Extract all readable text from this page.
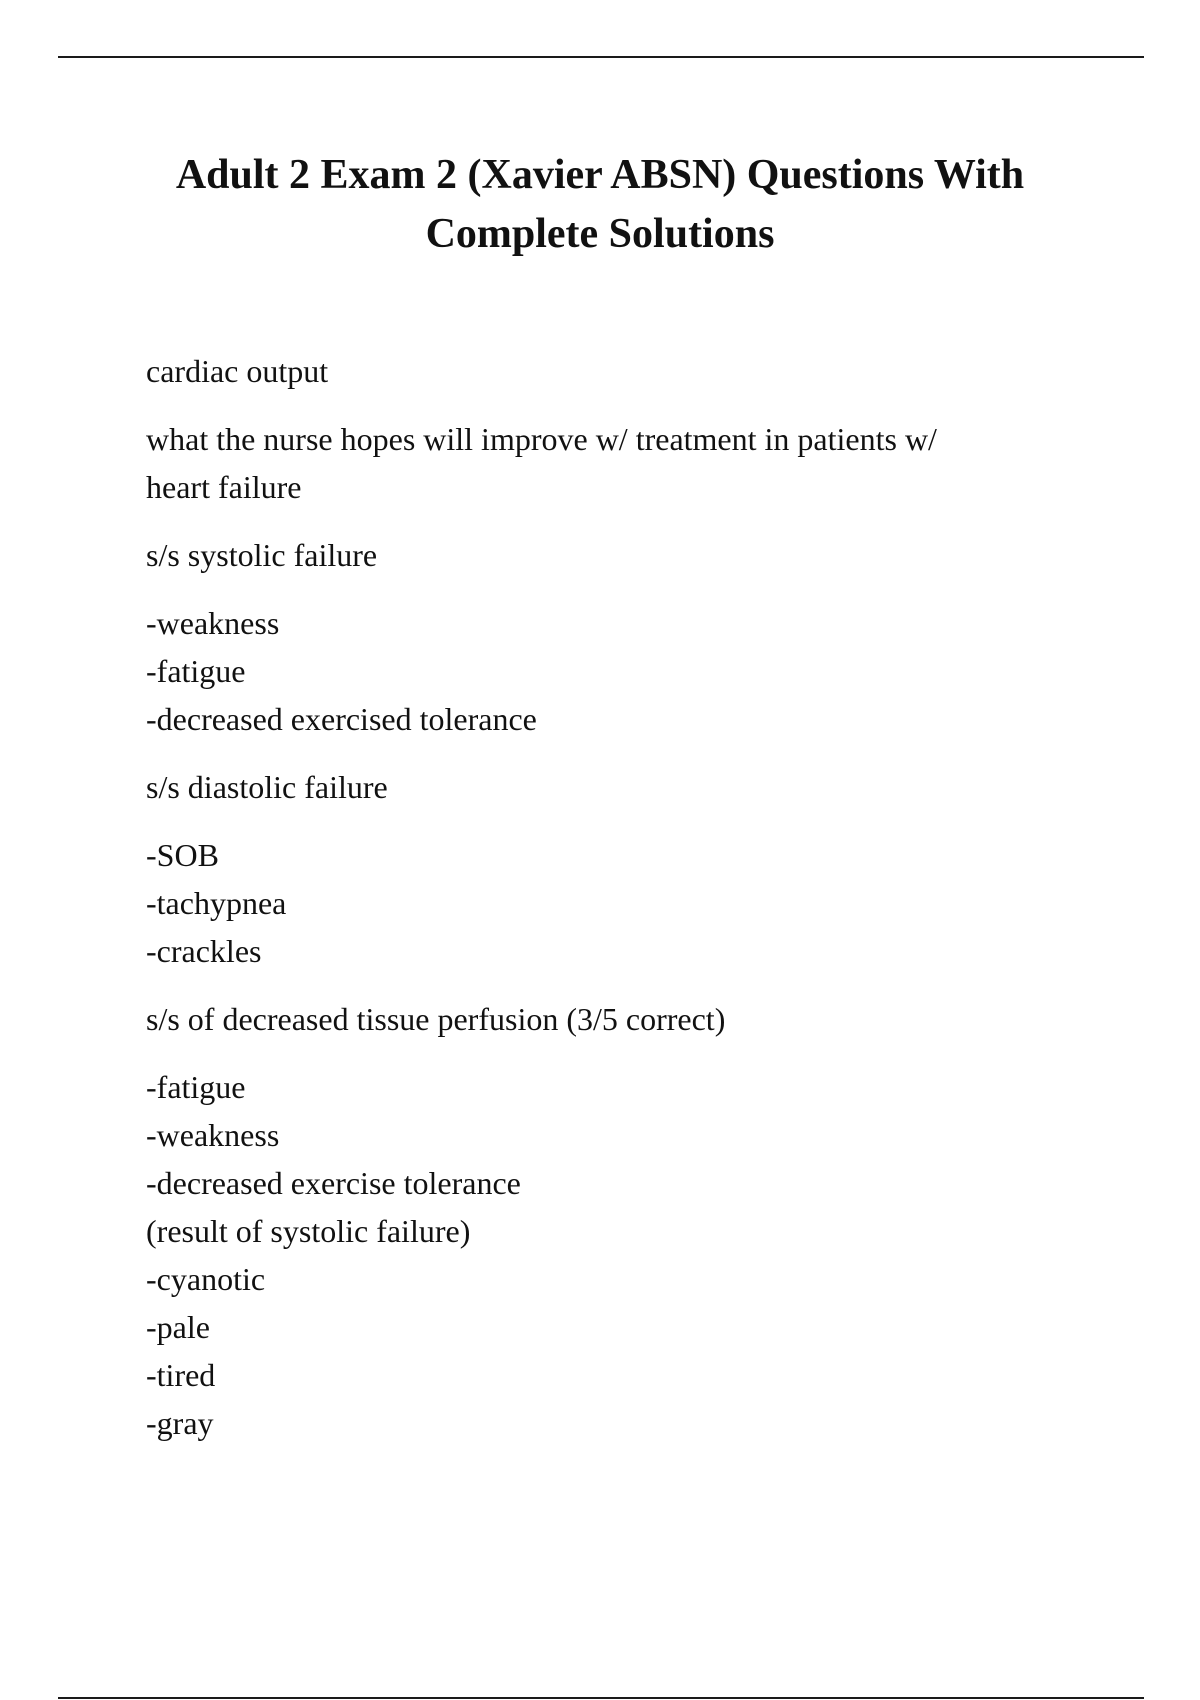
Adult 2 Exam 2 (Xavier ABSN) Questions With Complete Solutions
cardiac output
what the nurse hopes will improve w/ treatment in patients w/
heart failure
s/s systolic failure
-weakness
-fatigue
-decreased exercised tolerance
s/s diastolic failure
-SOB
-tachypnea
-crackles
s/s of decreased tissue perfusion (3/5 correct)
-fatigue
-weakness
-decreased exercise tolerance
(result of systolic failure)
-cyanotic
-pale
-tired
-gray
